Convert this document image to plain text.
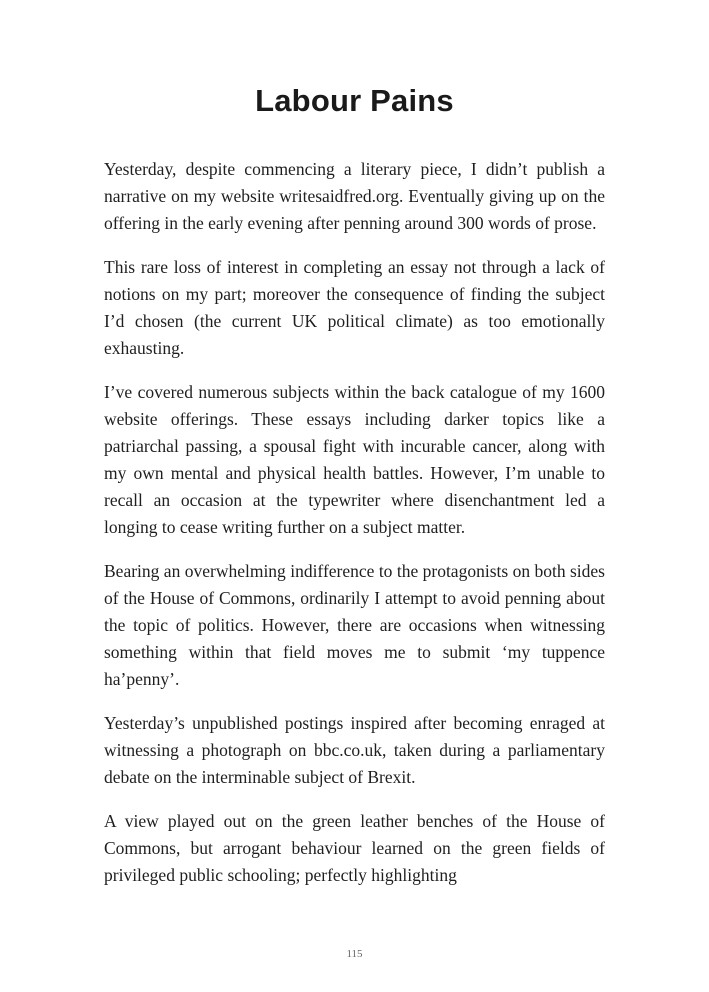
Labour Pains

Yesterday, despite commencing a literary piece, I didn’t publish a narrative on my website writesaidfred.org. Eventually giving up on the offering in the early evening after penning around 300 words of prose.

This rare loss of interest in completing an essay not through a lack of notions on my part; moreover the consequence of finding the subject I’d chosen (the current UK political climate) as too emotionally exhausting.

I’ve covered numerous subjects within the back catalogue of my 1600 website offerings. These essays including darker topics like a patriarchal passing, a spousal fight with incurable cancer, along with my own mental and physical health battles. However, I’m unable to recall an occasion at the typewriter where disenchantment led a longing to cease writing further on a subject matter.

Bearing an overwhelming indifference to the protagonists on both sides of the House of Commons, ordinarily I attempt to avoid penning about the topic of politics. However, there are occasions when witnessing something within that field moves me to submit ‘my tuppence ha’penny’.

Yesterday’s unpublished postings inspired after becoming enraged at witnessing a photograph on bbc.co.uk, taken during a parliamentary debate on the interminable subject of Brexit.

A view played out on the green leather benches of the House of Commons, but arrogant behaviour learned on the green fields of privileged public schooling; perfectly highlighting

115
